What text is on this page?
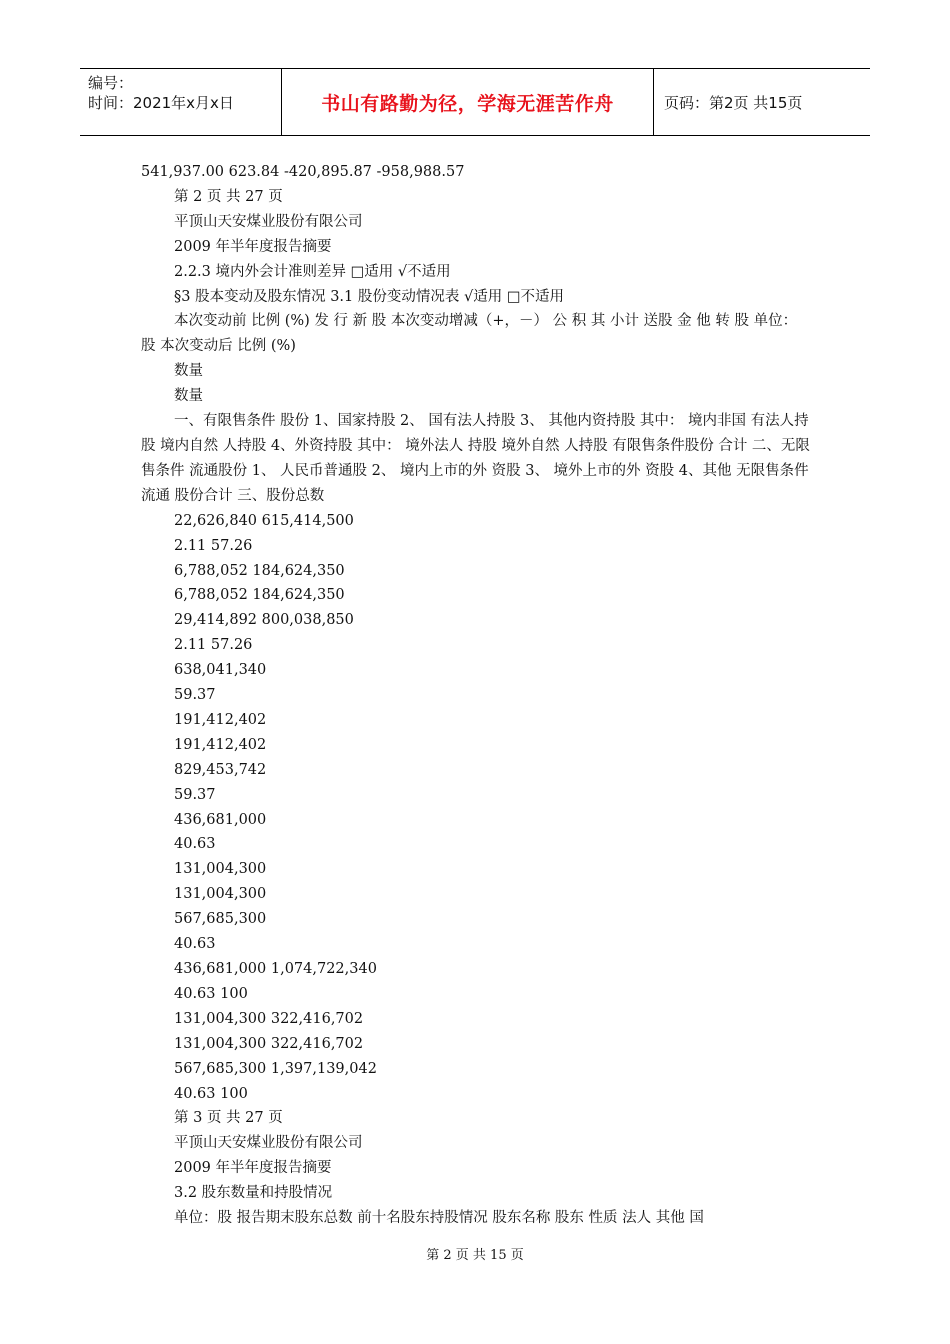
编号：
时间：2021年x月x日	书山有路勤为径，学海无涯苦作舟	页码：第2页 共15页

541,937.00 623.84 -420,895.87 -958,988.57

第 2 页 共 27 页

平顶山天安煤业股份有限公司

2009 年半年度报告摘要

2.2.3 境内外会计准则差异 □适用 √不适用

§3 股本变动及股东情况 3.1 股份变动情况表 √适用 □不适用

本次变动前 比例 (%) 发 行 新 股 本次变动增减（+，－） 公 积 其 小计 送股 金 他 转 股 单位：股 本次变动后 比例 (%)

数量

数量

一、有限售条件 股份 1、国家持股 2、 国有法人持股 3、 其他内资持股 其中： 境内非国 有法人持股 境内自然 人持股 4、外资持股 其中： 境外法人 持股 境外自然 人持股 有限售条件股份 合计 二、无限售条件 流通股份 1、 人民币普通股 2、 境内上市的外 资股 3、 境外上市的外 资股 4、其他 无限售条件流通 股份合计 三、股份总数

22,626,840 615,414,500

2.11 57.26

6,788,052 184,624,350

6,788,052 184,624,350

29,414,892 800,038,850

2.11 57.26

638,041,340

59.37

191,412,402

191,412,402

829,453,742

59.37

436,681,000

40.63

131,004,300

131,004,300

567,685,300

40.63

436,681,000 1,074,722,340

40.63 100

131,004,300 322,416,702

131,004,300 322,416,702

567,685,300 1,397,139,042

40.63 100

第 3 页 共 27 页

平顶山天安煤业股份有限公司

2009 年半年度报告摘要

3.2 股东数量和持股情况

单位：股 报告期末股东总数 前十名股东持股情况 股东名称 股东 性质 法人 其他 国

第 2 页 共 15 页
